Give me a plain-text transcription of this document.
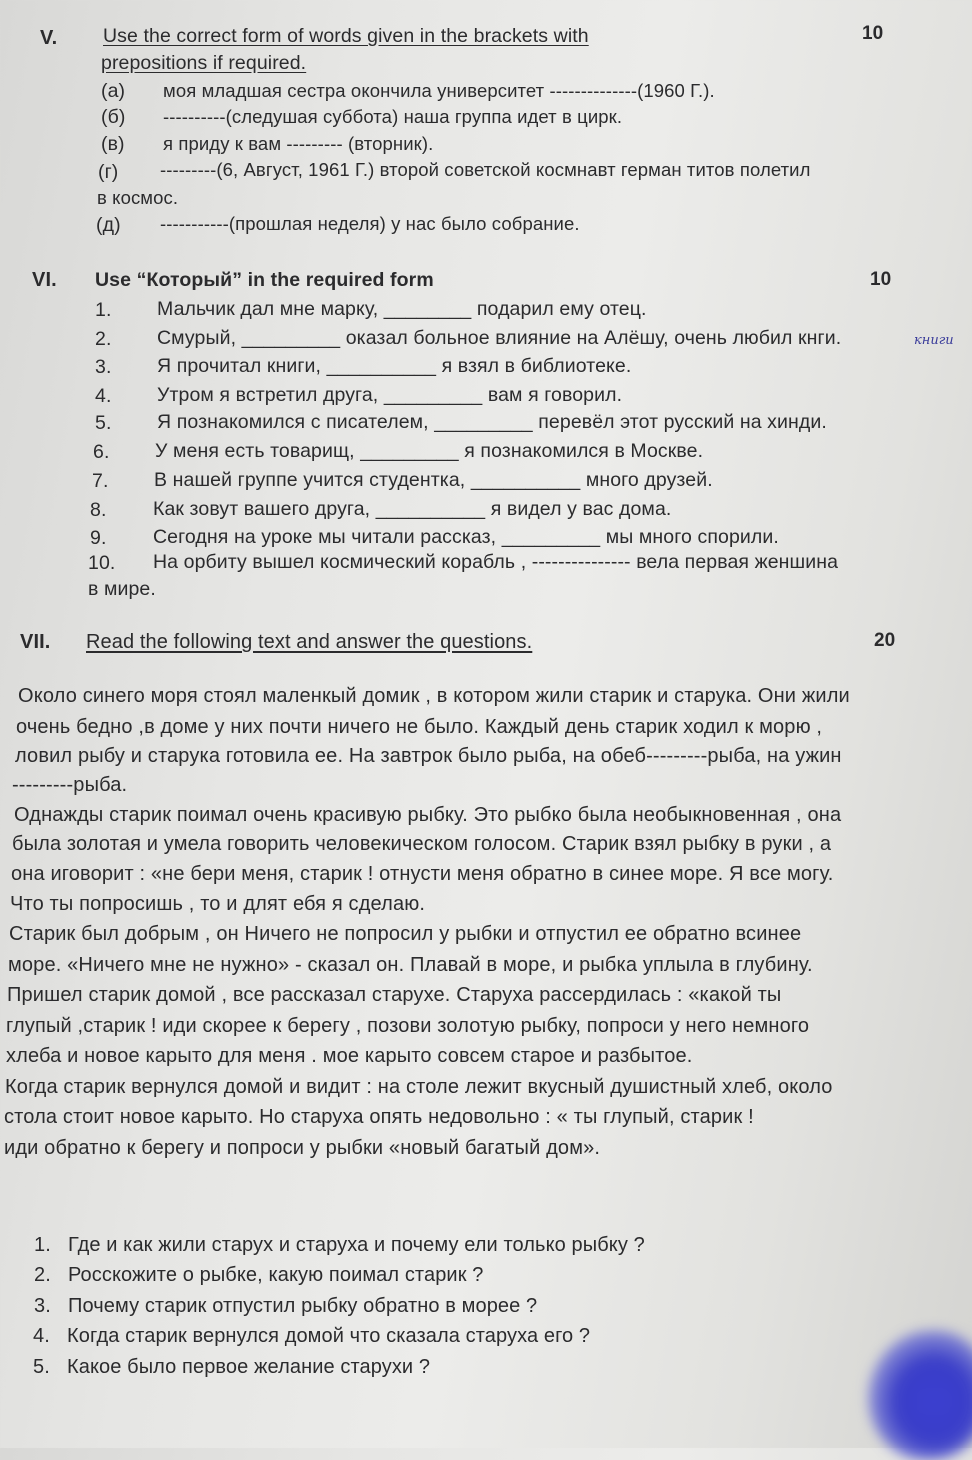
V. Use the correct form of words given in the brackets with
prepositions if required.
10
(a) моя младшая сестра окончила университет --------------(1960 Г.).
(б) ----------(следушая суббота) наша группа идет в цирк.
(в) я приду к вам --------- (вторник).
(г) ---------(6, Август, 1961 Г.) второй советской космнавт герман титов полетил
в космос.
(д) -----------(прошлая неделя) у нас было собрание.
VI. Use “Который” in the required form	10
1. Мальчик дал мне марку, ________ подарил ему отец.
2. Смурый, _________ оказал больное влияние на Алёшу, очень любил кнги.	книги
3. Я прочитал книги, __________ я взял в библиотеке.
4. Утром я встретил друга, _________ вам я говорил.
5. Я познакомился с писателем, _________ перевёл этот русский на хинди.
6. У меня есть товарищ, _________ я познакомился в Москве.
7. В нашей группе учится студентка, __________ много друзей.
8. Как зовут вашего друга, __________ я видел у вас дома.
9. Сегодня на уроке мы читали рассказ, _________ мы много спорили.
10. На орбиту вышел космический корабль , --------------- вела первая женшина
в мире.
VII. Read the following text and answer the questions.	20
Около синего моря стоял маленкый домик , в котором жили старик и старука. Они жили
очень бедно ,в доме у них почти ничего не было. Каждый день старик ходил к морю ,
ловил рыбу и старука готовила ее. На завтрок было рыба, на обеб---------рыба, на ужин
---------рыба.
Однажды старик поимал очень красивую рыбку. Это рыбко была необыкновенная , она
была золотая и умела говорить человекическом голосом. Старик взял рыбку в руки , а
она иговорит : «не бери меня, старик ! отнусти меня обратно в синее море. Я все могу.
Что ты попросишь , то и длят ебя я сделаю.
Старик был добрым , он Ничего не попросил у рыбки и отпустил ее обратно всинее
море. «Ничего мне не нужно» - сказал он. Плавай в море, и рыбка уплыла в глубину.
Пришел старик домой , все рассказал старухе. Старуха рассердилась : «какой ты
глупый ,старик ! иди скорее к берегу , позови золотую рыбку, попроси у него немного
хлеба и новое карыто для меня . мое карыто совсем старое и разбытое.
Когда старик вернулся домой и видит : на столе лежит вкусный душистный хлеб, около
стола стоит новое карыто. Но старуха опять недовольно : « ты глупый, старик !
иди обратно к берегу и попроси у рыбки «новый багатый дом».
1. Где и как жили старух и старуха и почему ели только рыбку ?
2. Росскожите о рыбке, какую поимал старик ?
3. Почему старик отпустил рыбку обратно в морее ?
4. Когда старик вернулся домой что сказала старуха его ?
5. Какое было первое желание старухи ?
